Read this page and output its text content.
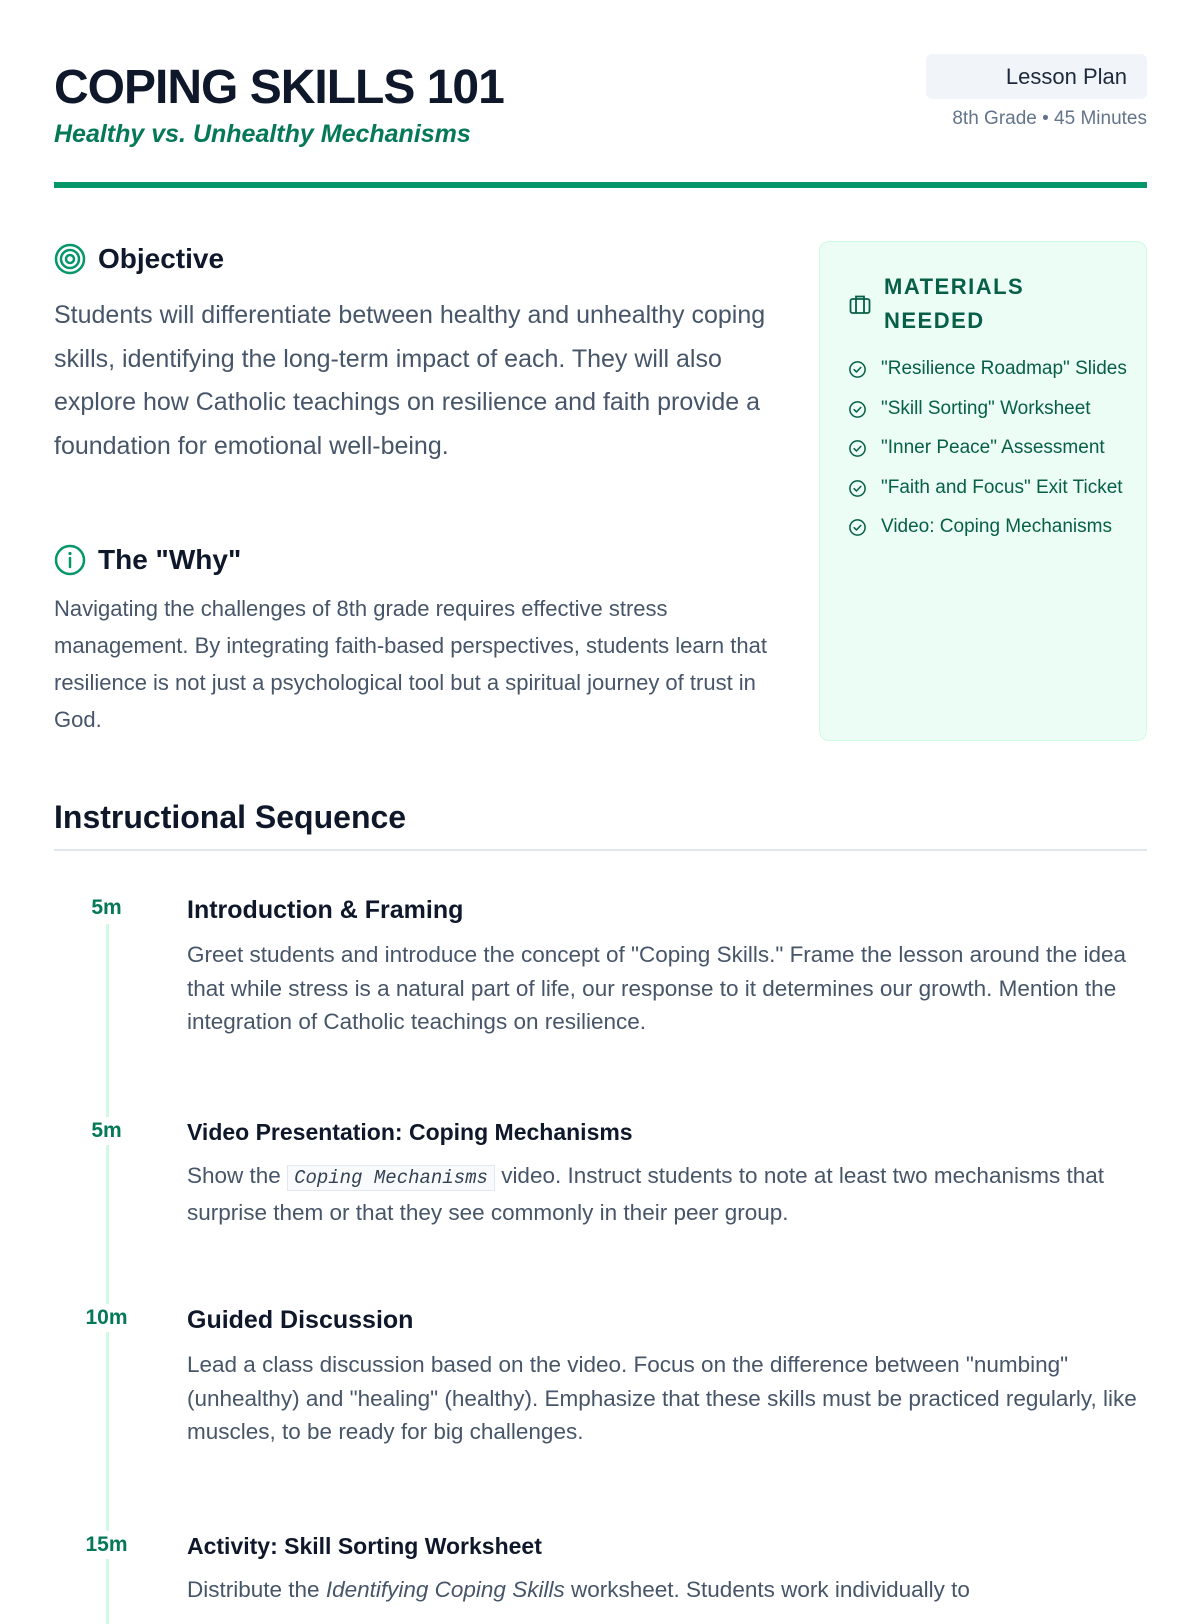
COPING SKILLS 101

Healthy vs. Unhealthy Mechanisms

Lesson Plan
8th Grade • 45 Minutes
Objective

Students will differentiate between healthy and unhealthy coping skills, identifying the long-term impact of each. They will also explore how Catholic teachings on resilience and faith provide a foundation for emotional well-being.

The "Why"

Navigating the challenges of 8th grade requires effective stress management. By integrating faith-based perspectives, students learn that resilience is not just a psychological tool but a spiritual journey of trust in God.

MATERIALS NEEDED
"Resilience Roadmap" Slides
"Skill Sorting" Worksheet
"Inner Peace" Assessment
"Faith and Focus" Exit Ticket
Video: Coping Mechanisms
Instructional Sequence
5m	Introduction & Framing

Greet students and introduce the concept of "Coping Skills." Frame the lesson around the idea that while stress is a natural part of life, our response to it determines our growth. Mention the integration of Catholic teachings on resilience.

5m	Video Presentation: Coping Mechanisms

Show the Coping Mechanisms video. Instruct students to note at least two mechanisms that surprise them or that they see commonly in their peer group.

10m	Guided Discussion

Lead a class discussion based on the video. Focus on the difference between "numbing" (unhealthy) and "healing" (healthy). Emphasize that these skills must be practiced regularly, like muscles, to be ready for big challenges.

15m	Activity: Skill Sorting Worksheet

Distribute the Identifying Coping Skills worksheet. Students work individually to
